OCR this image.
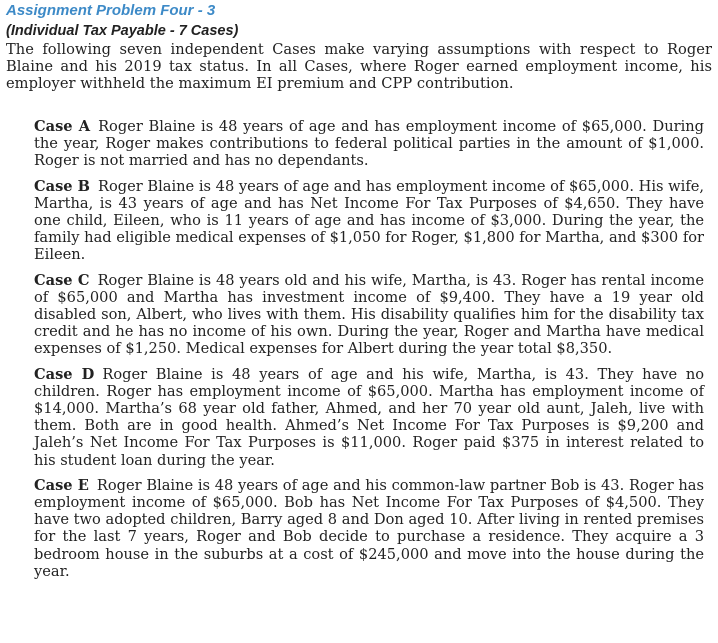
Assignment Problem Four - 3
(Individual Tax Payable - 7 Cases)

The following seven independent Cases make varying assumptions with respect to Roger Blaine and his 2019 tax status. In all Cases, where Roger earned employment income, his employer withheld the maximum EI premium and CPP contribution.

Case A Roger Blaine is 48 years of age and has employment income of $65,000. During the year, Roger makes contributions to federal political parties in the amount of $1,000. Roger is not married and has no dependants.

Case B Roger Blaine is 48 years of age and has employment income of $65,000. His wife, Martha, is 43 years of age and has Net Income For Tax Purposes of $4,650. They have one child, Eileen, who is 11 years of age and has income of $3,000. During the year, the family had eligible medical expenses of $1,050 for Roger, $1,800 for Martha, and $300 for Eileen.

Case C Roger Blaine is 48 years old and his wife, Martha, is 43. Roger has rental income of $65,000 and Martha has investment income of $9,400. They have a 19 year old disabled son, Albert, who lives with them. His disability qualifies him for the disability tax credit and he has no income of his own. During the year, Roger and Martha have medical expenses of $1,250. Medical expenses for Albert during the year total $8,350.

Case D Roger Blaine is 48 years of age and his wife, Martha, is 43. They have no children. Roger has employment income of $65,000. Martha has employment income of $14,000. Martha’s 68 year old father, Ahmed, and her 70 year old aunt, Jaleh, live with them. Both are in good health. Ahmed’s Net Income For Tax Purposes is $9,200 and Jaleh’s Net Income For Tax Purposes is $11,000. Roger paid $375 in interest related to his student loan during the year.

Case E Roger Blaine is 48 years of age and his common-law partner Bob is 43. Roger has employment income of $65,000. Bob has Net Income For Tax Purposes of $4,500. They have two adopted children, Barry aged 8 and Don aged 10. After living in rented premises for the last 7 years, Roger and Bob decide to purchase a residence. They acquire a 3 bedroom house in the suburbs at a cost of $245,000 and move into the house during the year.
